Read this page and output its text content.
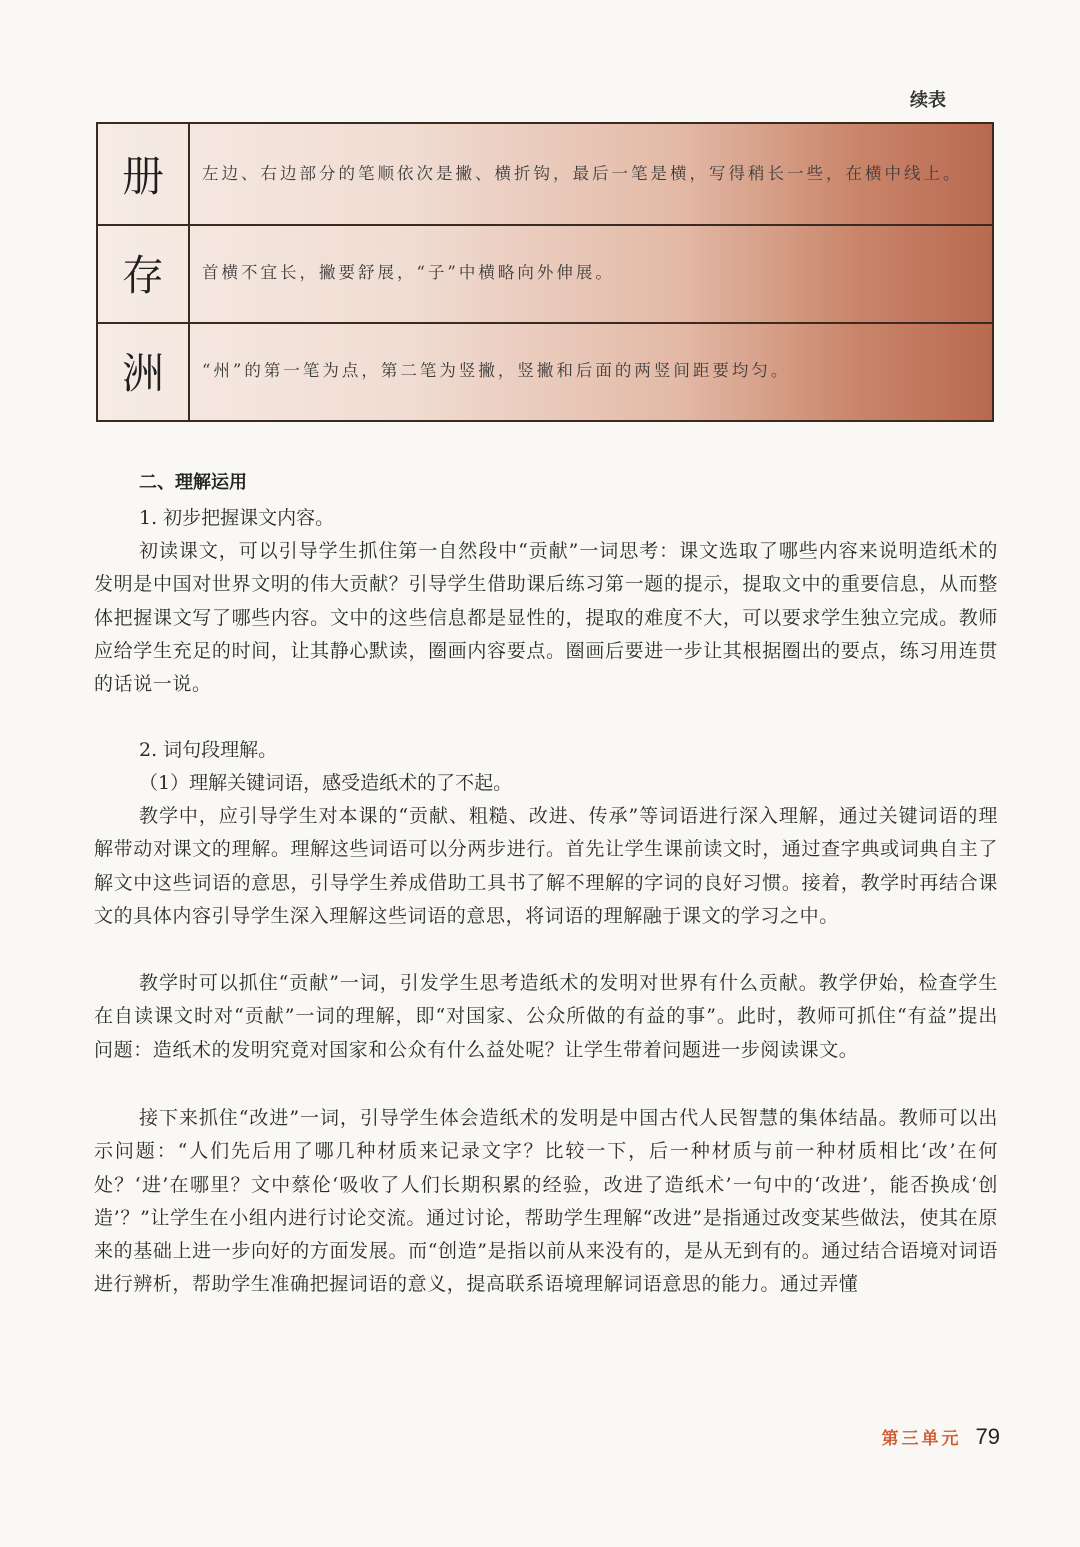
续表
册	左边、右边部分的笔顺依次是撇、横折钩，最后一笔是横，写得稍长一些，在横中线上。
存	首横不宜长，撇要舒展，“子”中横略向外伸展。
洲	“州”的第一笔为点，第二笔为竖撇，竖撇和后面的两竖间距要均匀。
二、理解运用
1. 初步把握课文内容。

初读课文，可以引导学生抓住第一自然段中“贡献”一词思考：课文选取了哪些内容来说明造纸术的发明是中国对世界文明的伟大贡献？引导学生借助课后练习第一题的提示，提取文中的重要信息，从而整体把握课文写了哪些内容。文中的这些信息都是显性的，提取的难度不大，可以要求学生独立完成。教师应给学生充足的时间，让其静心默读，圈画内容要点。圈画后要进一步让其根据圈出的要点，练习用连贯的话说一说。

2. 词句段理解。
（1）理解关键词语，感受造纸术的了不起。

教学中，应引导学生对本课的“贡献、粗糙、改进、传承”等词语进行深入理解，通过关键词语的理解带动对课文的理解。理解这些词语可以分两步进行。首先让学生课前读文时，通过查字典或词典自主了解文中这些词语的意思，引导学生养成借助工具书了解不理解的字词的良好习惯。接着，教学时再结合课文的具体内容引导学生深入理解这些词语的意思，将词语的理解融于课文的学习之中。

教学时可以抓住“贡献”一词，引发学生思考造纸术的发明对世界有什么贡献。教学伊始，检查学生在自读课文时对“贡献”一词的理解，即“对国家、公众所做的有益的事”。此时，教师可抓住“有益”提出问题：造纸术的发明究竟对国家和公众有什么益处呢？让学生带着问题进一步阅读课文。

接下来抓住“改进”一词，引导学生体会造纸术的发明是中国古代人民智慧的集体结晶。教师可以出示问题：“人们先后用了哪几种材质来记录文字？比较一下，后一种材质与前一种材质相比‘改’在何处？‘进’在哪里？文中蔡伦‘吸收了人们长期积累的经验，改进了造纸术’一句中的‘改进’，能否换成‘创造’？”让学生在小组内进行讨论交流。通过讨论，帮助学生理解“改进”是指通过改变某些做法，使其在原来的基础上进一步向好的方面发展。而“创造”是指以前从来没有的，是从无到有的。通过结合语境对词语进行辨析，帮助学生准确把握词语的意义，提高联系语境理解词语意思的能力。通过弄懂

第三单元 79
